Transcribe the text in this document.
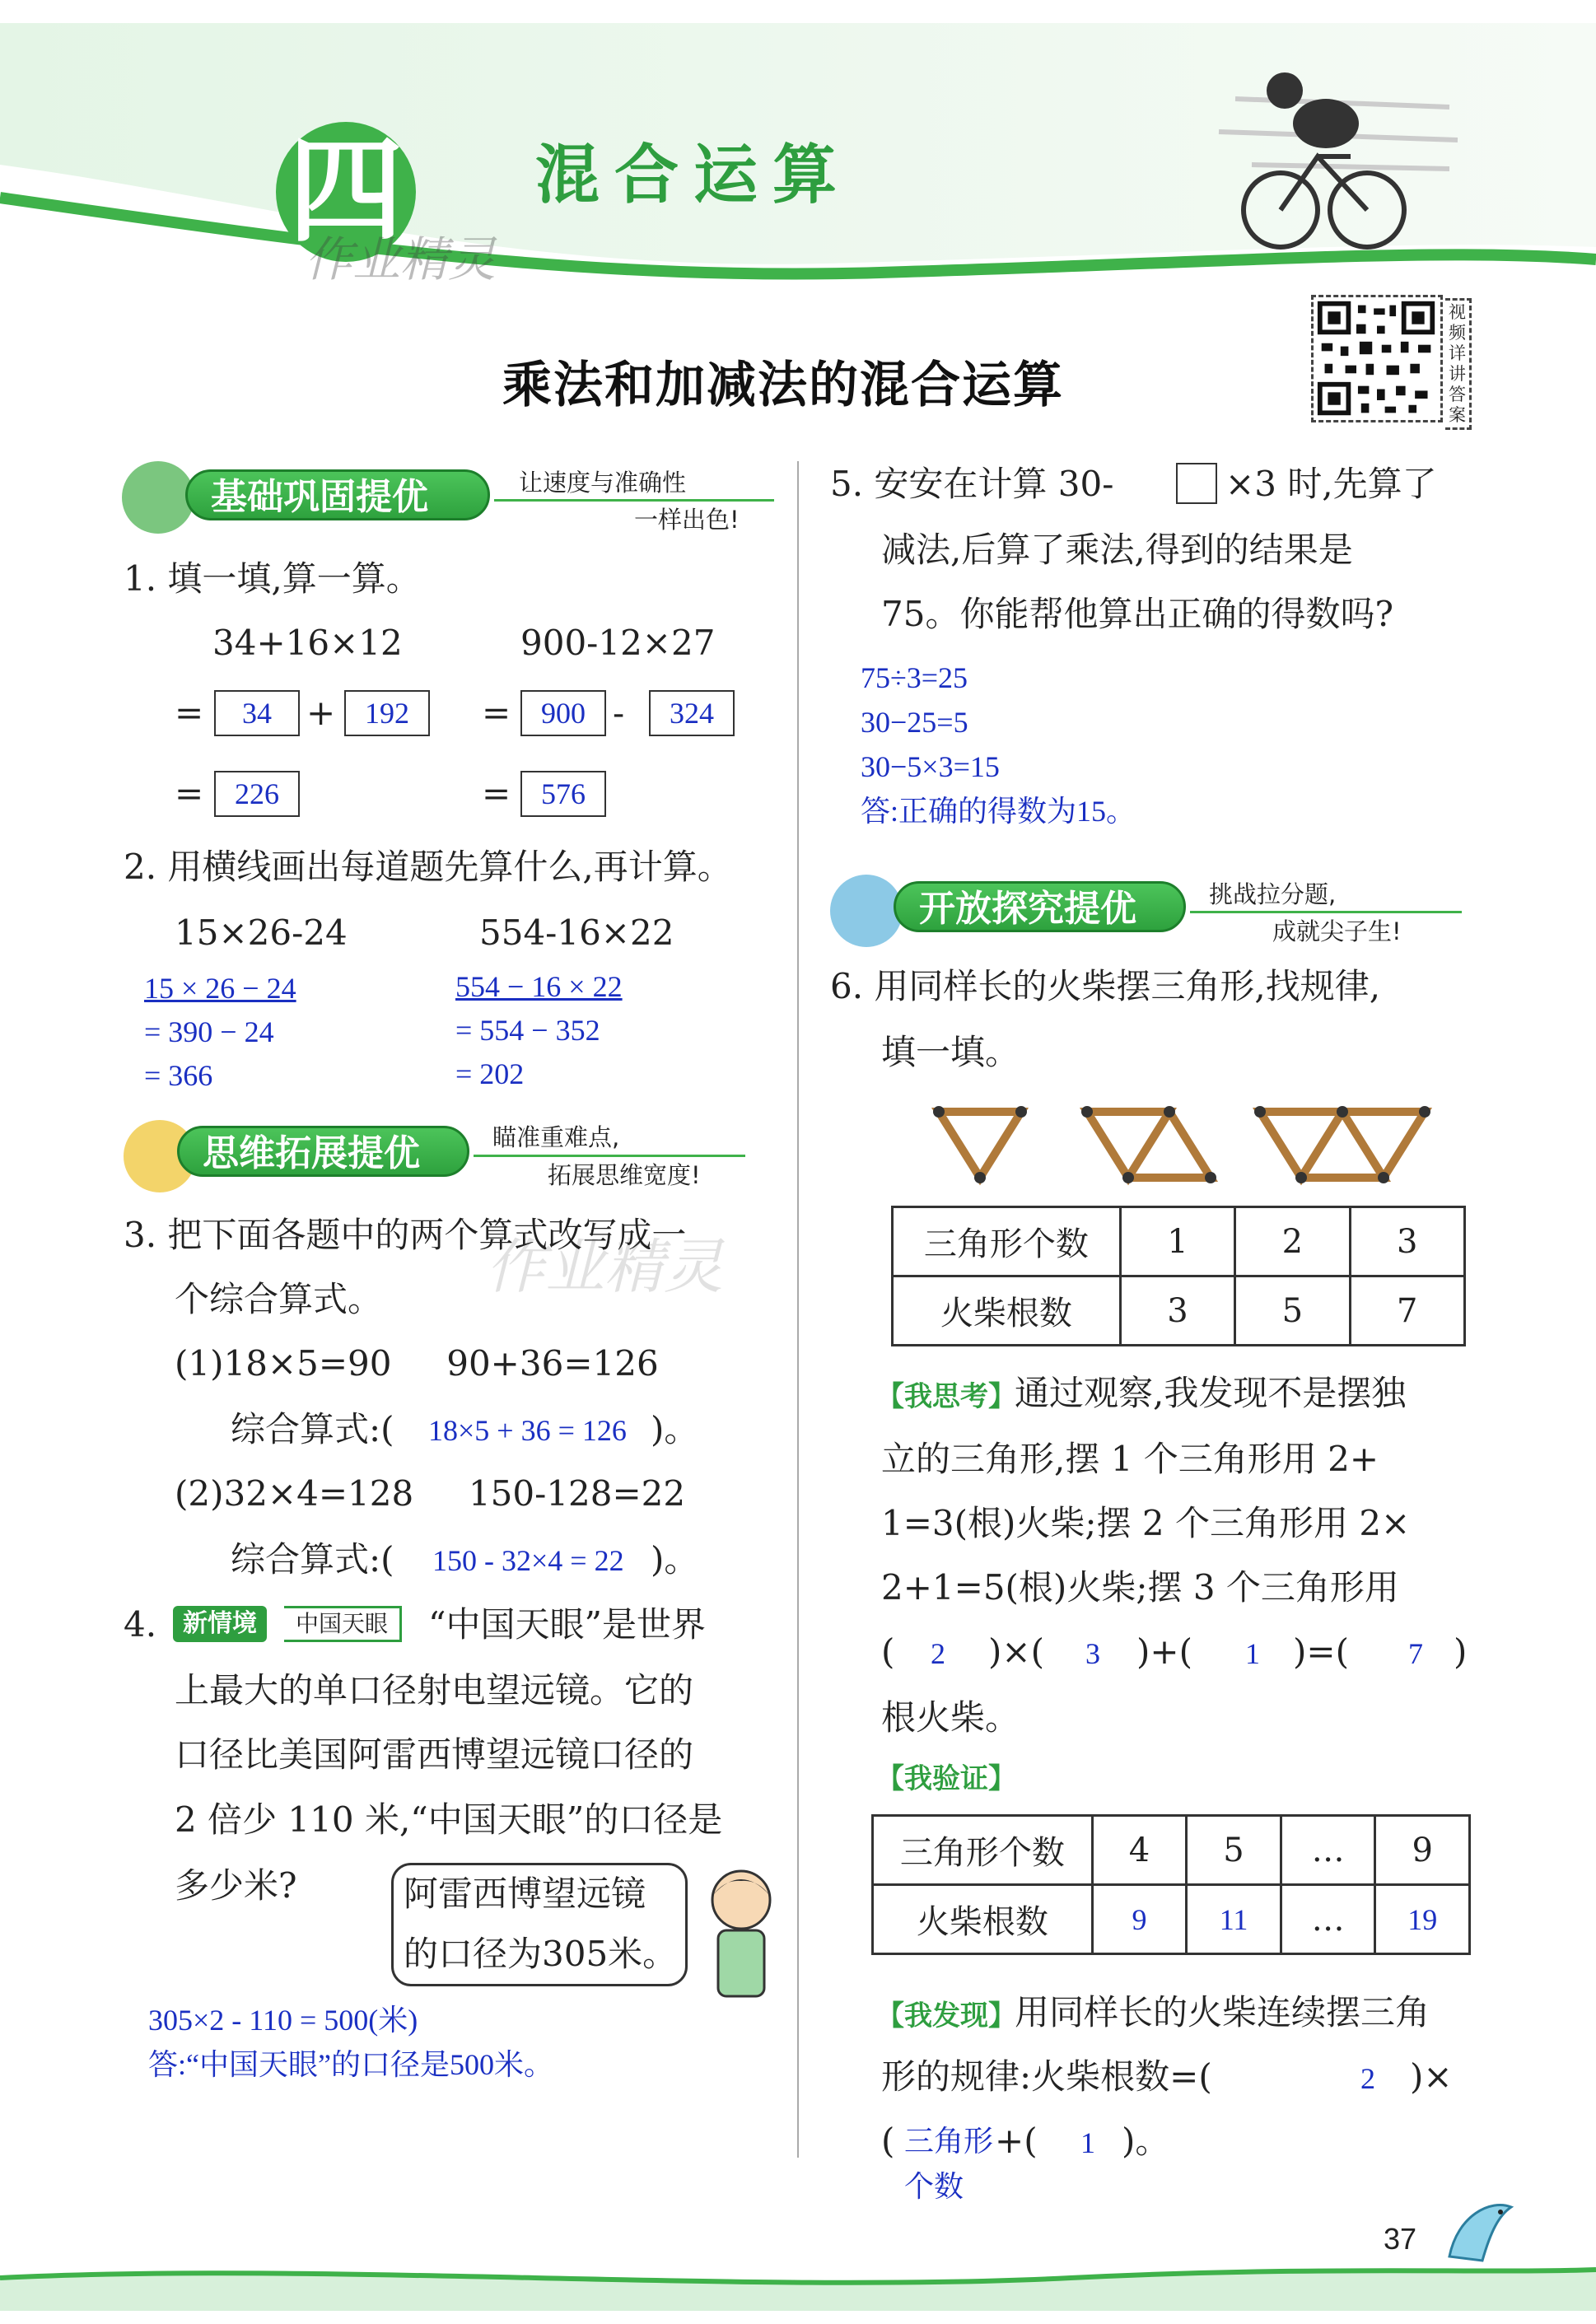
四 混合运算
作业精灵
乘法和加减法的混合运算
视频详讲答案
基础巩固提优	让速度与准确性
一样出色!
1. 填一填,算一算。
34+16×12	900-12×27
=	34	+ 192	=	900 -	324
=	226	=	576
2. 用横线画出每道题先算什么,再计算。
15×26-24	554-16×22
15 × 26 − 24
= 390 − 24
= 366
554 − 16 × 22
= 554 − 352
= 202
思维拓展提优	瞄准重难点,
拓展思维宽度!
作业精灵
3. 把下面各题中的两个算式改写成一
个综合算式。
(1)18×5=90     90+36=126
综合算式:( 18×5 + 36 = 126 )。
(2)32×4=128     150-128=22
综合算式:( 150 - 32×4 = 22 )。
4.	新情境	中国天眼	“中国天眼”是世界
上最大的单口径射电望远镜。它的
口径比美国阿雷西博望远镜口径的
2 倍少 110 米,“中国天眼”的口径是
多少米?	阿雷西博望远镜
的口径为305米。
305×2 - 110 = 500(米)
答:“中国天眼”的口径是500米。
5. 安安在计算 30-	×3 时,先算了
减法,后算了乘法,得到的结果是
75。你能帮他算出正确的得数吗?
75÷3=25
30−25=5
30−5×3=15
答:正确的得数为15。
开放探究提优	挑战拉分题,
成就尖子生!
6. 用同样长的火柴摆三角形,找规律,
填一填。
三角形个数	1	2	3
火柴根数	3	5	7
【我思考】
通过观察,我发现不是摆独
立的三角形,摆 1 个三角形用 2+
1=3(根)火柴;摆 2 个三角形用 2×
2+1=5(根)火柴;摆 3 个三角形用
( 2 )×( 3 )+( 1 )=( 7 )
根火柴。
【我验证】
三角形个数	4	5	…	9
火柴根数	9	11	…	19
【我发现】
用同样长的火柴连续摆三角
形的规律:火柴根数=(	2 )×
( 三角形 +( 1 )。
个数
37
